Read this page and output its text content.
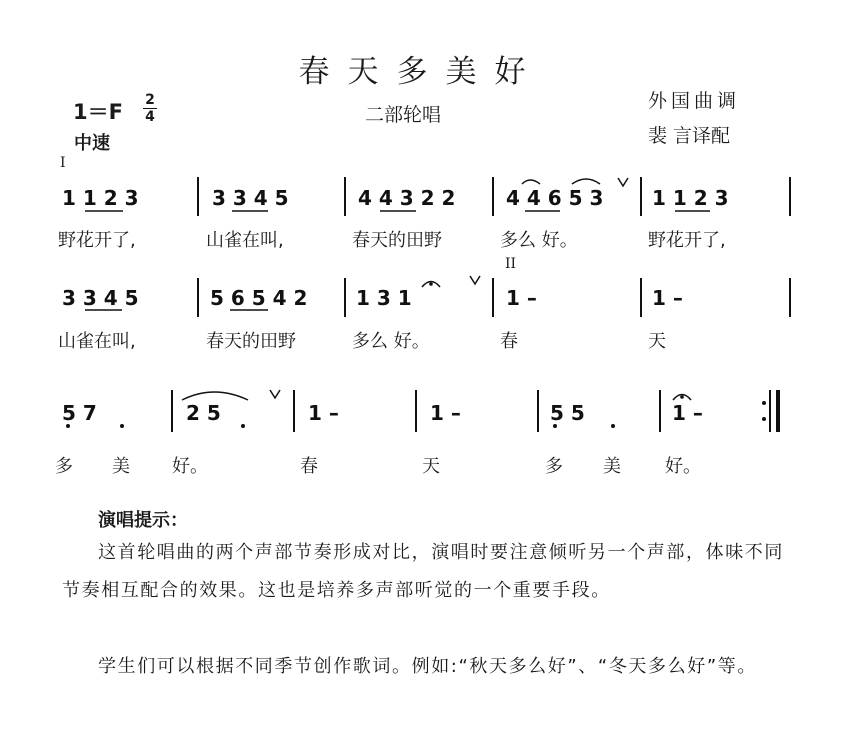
春天多美好
1＝F 2
4
中速
二部轮唱
外国曲调
裴 言译配
I
II
1 1 2 3	3 3 4 5	4 4 3 2 2	4 4 6 5 3 1 1 2 3
3 3 4 5	5 6 5 4 2 1 3 1	1 –	1 –
5 7	2 5	1 –	1 –	5 5	1 –
野花开了,	山雀在叫,	春天的田野	多么 好。	野花开了,
山雀在叫,	春天的田野	多么 好。	春	天
多 美 好。	春	天	多 美 好。
演唱提示：
这首轮唱曲的两个声部节奏形成对比，演唱时要注意倾听另一个声部，体味不同节奏相互配合的效果。这也是培养多声部听觉的一个重要手段。
学生们可以根据不同季节创作歌词。例如:“秋天多么好”、“冬天多么好”等。
